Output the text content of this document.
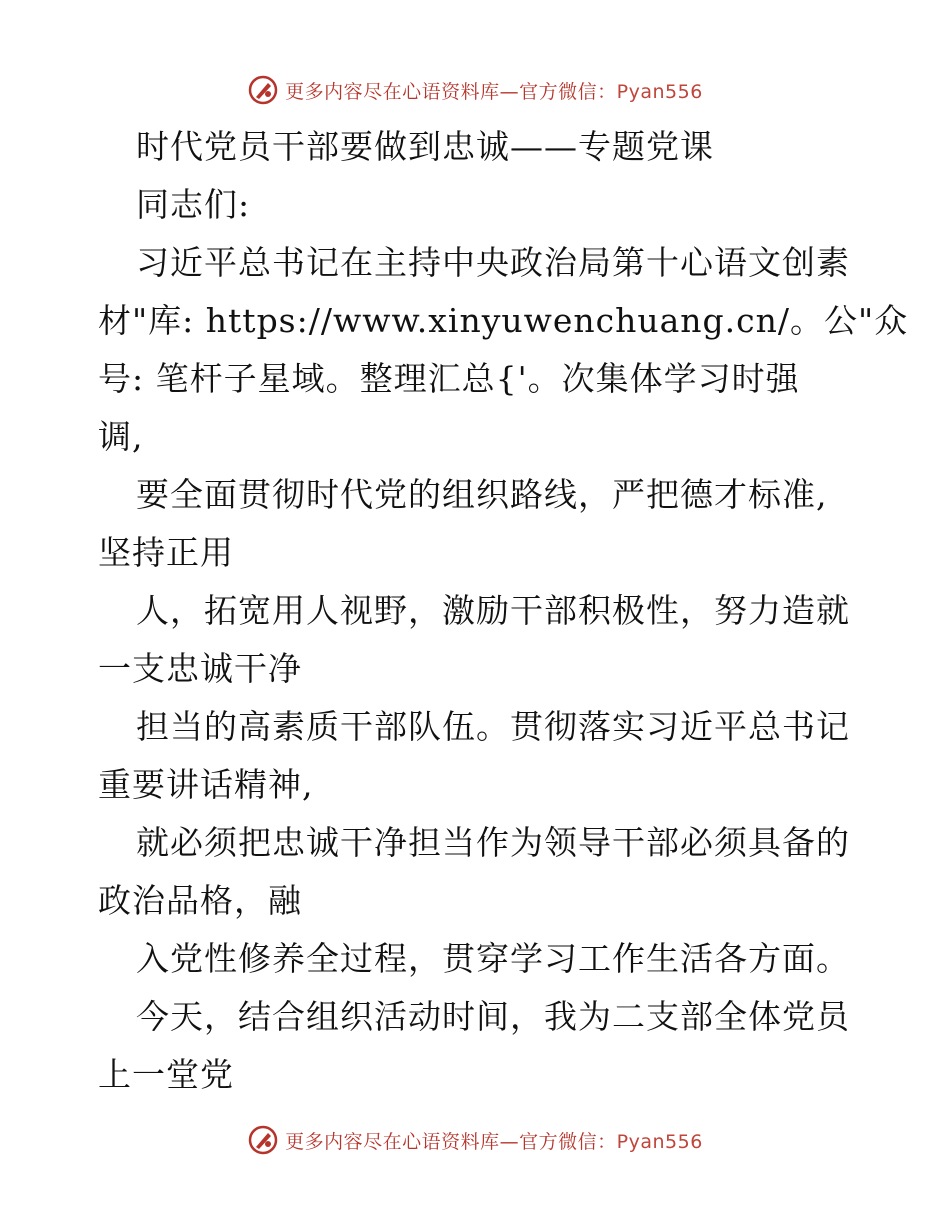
更多内容尽在心语资料库—官方微信：Pyan556
时代党员干部要做到忠诚——专题党课
同志们:
习近平总书记在主持中央政治局第十心语文创素
材"库: https://www.xinyuwenchuang.cn/。公"众
号: 笔杆子星域。整理汇总{'。次集体学习时强
调,
要全面贯彻时代党的组织路线，严把德才标准,
坚持正用
人，拓宽用人视野，激励干部积极性，努力造就
一支忠诚干净
担当的高素质干部队伍。贯彻落实习近平总书记
重要讲话精神,
就必须把忠诚干净担当作为领导干部必须具备的
政治品格，融
入党性修养全过程，贯穿学习工作生活各方面。
今天，结合组织活动时间，我为二支部全体党员
上一堂党
更多内容尽在心语资料库—官方微信：Pyan556
